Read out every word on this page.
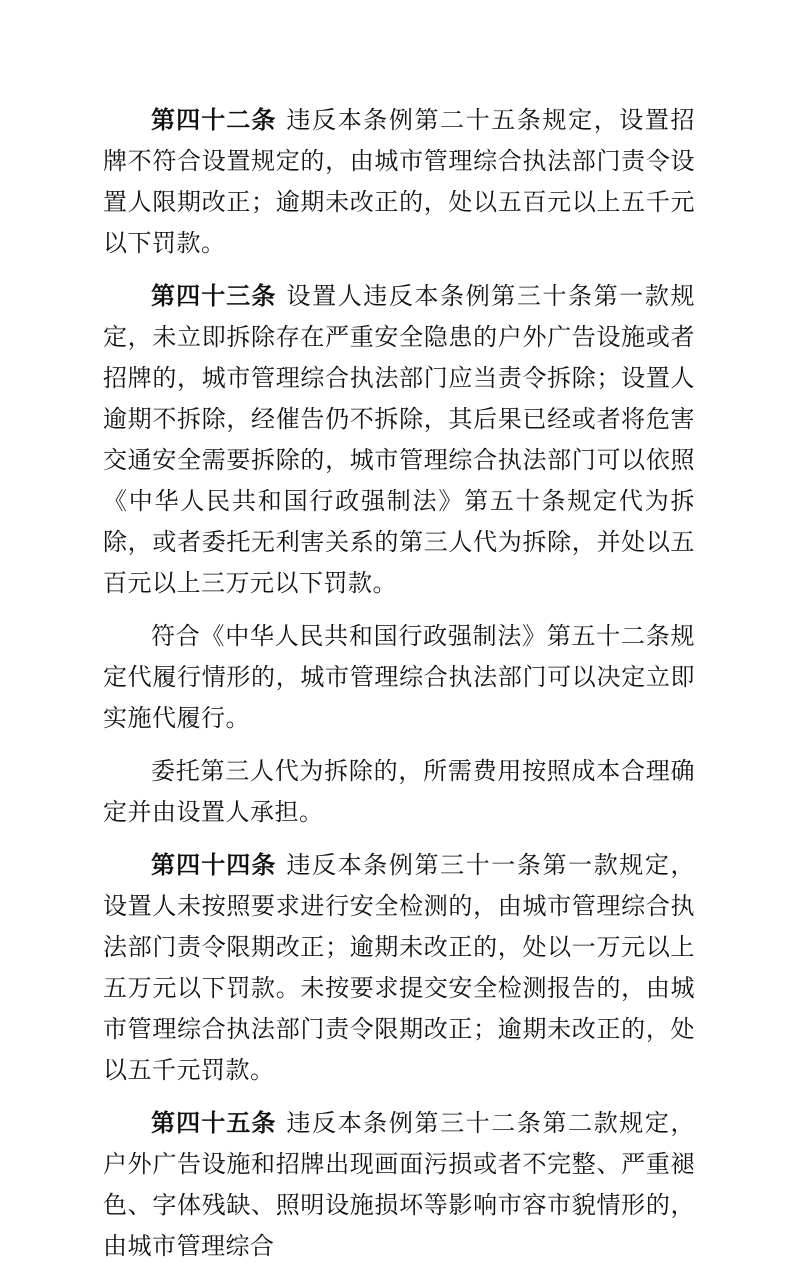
第四十二条 违反本条例第二十五条规定，设置招牌不符合设置规定的，由城市管理综合执法部门责令设置人限期改正；逾期未改正的，处以五百元以上五千元以下罚款。

第四十三条 设置人违反本条例第三十条第一款规定，未立即拆除存在严重安全隐患的户外广告设施或者招牌的，城市管理综合执法部门应当责令拆除；设置人逾期不拆除，经催告仍不拆除，其后果已经或者将危害交通安全需要拆除的，城市管理综合执法部门可以依照《中华人民共和国行政强制法》第五十条规定代为拆除，或者委托无利害关系的第三人代为拆除，并处以五百元以上三万元以下罚款。

符合《中华人民共和国行政强制法》第五十二条规定代履行情形的，城市管理综合执法部门可以决定立即实施代履行。

委托第三人代为拆除的，所需费用按照成本合理确定并由设置人承担。

第四十四条 违反本条例第三十一条第一款规定，设置人未按照要求进行安全检测的，由城市管理综合执法部门责令限期改正；逾期未改正的，处以一万元以上五万元以下罚款。未按要求提交安全检测报告的，由城市管理综合执法部门责令限期改正；逾期未改正的，处以五千元罚款。

第四十五条 违反本条例第三十二条第二款规定，户外广告设施和招牌出现画面污损或者不完整、严重褪色、字体残缺、照明设施损坏等影响市容市貌情形的，由城市管理综合
